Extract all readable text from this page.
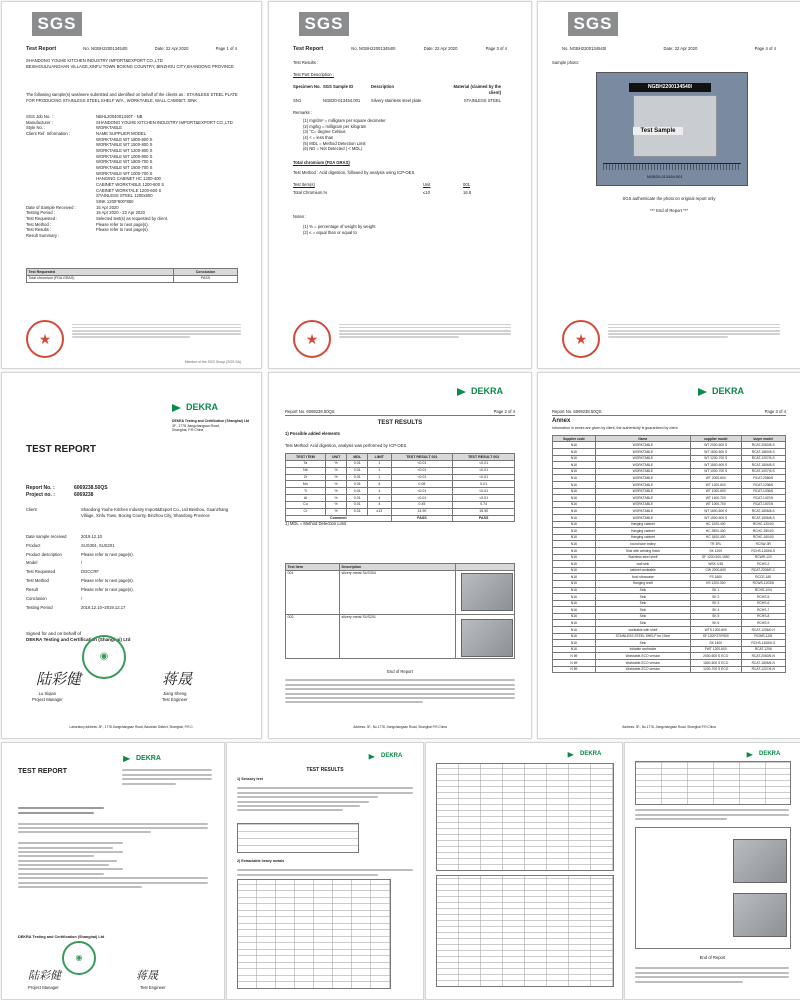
SGS
Test Report	No. NGBH2200134540I	Date: 22 Apr 2020	Page 1 of 4
SHANDONG YOUHE KITCHEN INDUSTRY IMPORT&EXPORT CO.,LTD
BEISHOULIUANGHAN VILLAGE,XINFU TOWN BOXING COUNTRY, BINZHOU CITY,SHANDONG PROVINCE
The following sample(s) was/were submitted and identified on behalf of the clients as : STAINLESS STEEL PLATE FOR PRODUCING STAINLESS STEEL SHELF W/A , WORKTABLE, WALL CABINET, SINK
SGS Job No. :	NBHL2004001340T - NB
Manufacturer :	SHANDONG YOUHE KITCHEN INDUSTRY IMPORT&EXPORT CO.,LTD
Style No. :	WORKTABLE
Client Ref. Information :	NAME SUPPLIER MODEL
WORKTABLE WT 1800-800 S
WORKTABLE WT 1500-800 S
WORKTABLE WT 1200-800 S
WORKTABLE WT 1000-800 S
WORKTABLE WT 1800-700 S
WORKTABLE WT 1500-700 S
WORKTABLE WT 1000-700 S
HANGING CABINET HC 1200-400
CABINET WORKTABLE 1200-600 S
CABINET WORKTALE 1200-600 S
STAINLESS STEEL 1200x600
SINK 1200*600*850
Date of Sample Received :	15 Apr 2020
Testing Period :	15 Apr 2020 - 22 Apr 2020
Test Requested :	Selected test(s) as requested by client.
Test Method :	Please refer to next page(s).
Test Results :	Please refer to next page(s).
Result Summary :
Test Requested	Conclusion
Total chromium (FDA GRAS)	PASS
★
Member of the SGS Group (SGS SA)
SGS
Test Report	No. NGBH2200134540I	Date: 22 Apr 2020	Page 3 of 4
Test Results :
Test Part Description :
Specimen No. SGS Sample ID	Description	Material (claimed by the client)
SN1	NGB20-013454.001	Silvery stainless steel plate	STAINLESS STEEL
Remarks :
(1) mg/dm² = milligram per square decimeter
(2) mg/kg = milligram per kilogram
(3) °C= degree Celsius
(4) < = less than
(5) MDL = Method Detection Limit
(6) ND = Not Detected ( < MDL)
Total chromium (FDA GRAS)
Test Method : Acid digestion, followed by analysis using ICP-OES.
Test Item(s)	Unit	001
Total Chromium,%	≤10	16.8
Notes :
(1) % = percentage of weight by weight
(2) ≤ = equal than or equal to
★
SGS
No. NGBH2200134540I	Date: 22 Apr 2020	Page 4 of 4
Sample photo:
NGBH2200134540I
Test Sample
NGB20-013454.001
SGS authenticate the photo on original report only
*** End of Report ***
★
DEKRA
DEKRA Testing and Certification (Shanghai) Ltd
3F., 1778 Jiangchangsan Road,
Shanghai, P.R.China
TEST REPORT
Report No. :	6069238.50QS
Project no. :	6069238
Client	Shandong Youhe Kitchen Industry Import&Export Co., Ltd Beishou, Guanzhang Village, Xinfu Town, Boxing County, Binzhou City, Shandong Province
Date sample received	2019.12.10
Product	SUS304, SUS201
Product description	Please refer to next page(s).
Model	/
Test Requested	DGCCRF
Test Method	Please refer to next page(s).
Result	Please refer to next page(s).
Conclusion	/
Testing Period	2019.12.10~2019.12.17
Signed for and on behalf of
DEKRA Testing and Certification (Shanghai) Ltd
◉
陆彩健	蒋晟
Lu Siqian
Project Manager
Jiang Sheng
Test Engineer
Laboratory address: 3F., 1778 Jiangchangsan Road, Baoshan District, Shanghai, P.R.C.
DEKRA
Report No. 6069238.50QS	Page 2 of 4
TEST RESULTS
1) Possible added elements
Test Method: Acid digestion, analysis was performed by ICP-OES.
TEST ITEM	UNIT	MDL	LIMIT	TEST RESULT 001	TEST RESULT 002
Ta	%	0.01	1	<0.01	<0.01
Nb	%	0.01	1	<0.01	<0.01
Zr	%	0.01	1	<0.01	<0.01
Mo	%	0.01	4	0.08	0.01
Ti	%	0.01	1	<0.01	<0.01
Al	%	0.01	4	<0.01	<0.01
Cu	%	0.01	4	0.45	0.74
Cr	%	0.01	≥13	14.90	15.90
Comment				PASS	PASS
1) MDL = Method Detection Limit
Test item	Description	
001	silvery metal SUS304	
002	silvery metal SUS201	
End of Report
Address: 3F., No.1778, Jiangchangsan Road, Shanghai P.R.China
DEKRA
Report No. 6069238.50QS	Page 3 of 4
Annex
Information in annex are given by client, the authenticity is guaranteed by client
Supplier code	Name	supplier model	buyer model
N16	WORKTABLE	WT 2000-600 S	RCAT-2060/8-S
N16	WORKTABLE	WT 1800-600 S	RCAT-1860/8-S
N16	WORKTABLE	WT 1200-700 S	RCAT-1207/6-S
N16	WORKTABLE	WT 1800-600 S	RCAT-1806/8-S
N16	WORKTABLE	WT 1000-700 S	RCAT-1007/5-S
N16	WORKTABLE	WT 2000-600	RCAT-2060/6
N16	WORKTABLE	WT 1200-600	RCAT-1206/6
N16	WORKTABLE	WT 1000-600	RCAT-1006/6
N16	WORKTABLE	WT 1400-700	RCAT-1407/6
N16	WORKTABLE	WT 1000-700	RCAT-1007/6
N16	WORKTABLE	WT 1800-600 S	RCAT-1806/8-S
N16	WORKTABLE	WT 1500-600 S	RCAT-1506/8-S
N16	Hanging cabinet	HC 1200-400	RCHC-1204/0
N16	Hanging cabinet	HC 2800-400	RCHC-2804/0
N16	Hanging cabinet	HC 1600-400	RCHC-1604/0
N16	round tube trolley	TR 3RL	RCSW-3R
N16	Sink with welding finish	SK 1200	RCHS-1208/6-S
N16	Stainless steel shelf	SF 1200-500-1550	RCWR-120
N16	wall sink	WSK 4.55	RCHS-2
N16	cabinet worktable	CW 2000-600	RCAT-2006/E-C
N16	food showcase	FS 1800	RCCE-180
N16	Hanging shelf	HS 1200-300	RCWS-1203/8
N16	Sink	SK 1	RCHS-1/04
N16	Sink	SK 2	RCHS-5
N16	Sink	SK 3	RCHS-6
N16	Sink	SK 4	RCHS-7
N16	Sink	SK 5	RCHS-8
N16	Sink	SK 6	RCHS-9
N16	worktable with shelf	WTS 1200-600	RCAT-1206/0-H
N16	STAINLESS STEEL SHELF for 10cm	SF 1200*270*500	RCWR-12/8
N16	Sink	SK 1400	RCHS-1408/6-S
N16	foldable worktable	FWT 1200-600	RCAT-1206
N 69	Worktable-ECO version	2000-600 S ECO	RCAT-2060/6-N
N 69	Worktable-ECO version	1800-600 S ECO	RCAT-1806/6-N
N 69	Worktable-ECO version	1200-700 S ECO	RCAT-1207/6-N
Address: 3F., No.1778, Jiangchangsan Road, Shanghai P.R.China
DEKRA
TEST REPORT
DEKRA Testing and Certification (Shanghai) Ltd
◉
陆彩健	蒋晟
Project Manager	Test Engineer
DEKRA
TEST RESULTS
1) Sensory test
2) Extractable heavy metals
DEKRA	DEKRA
End of Report
